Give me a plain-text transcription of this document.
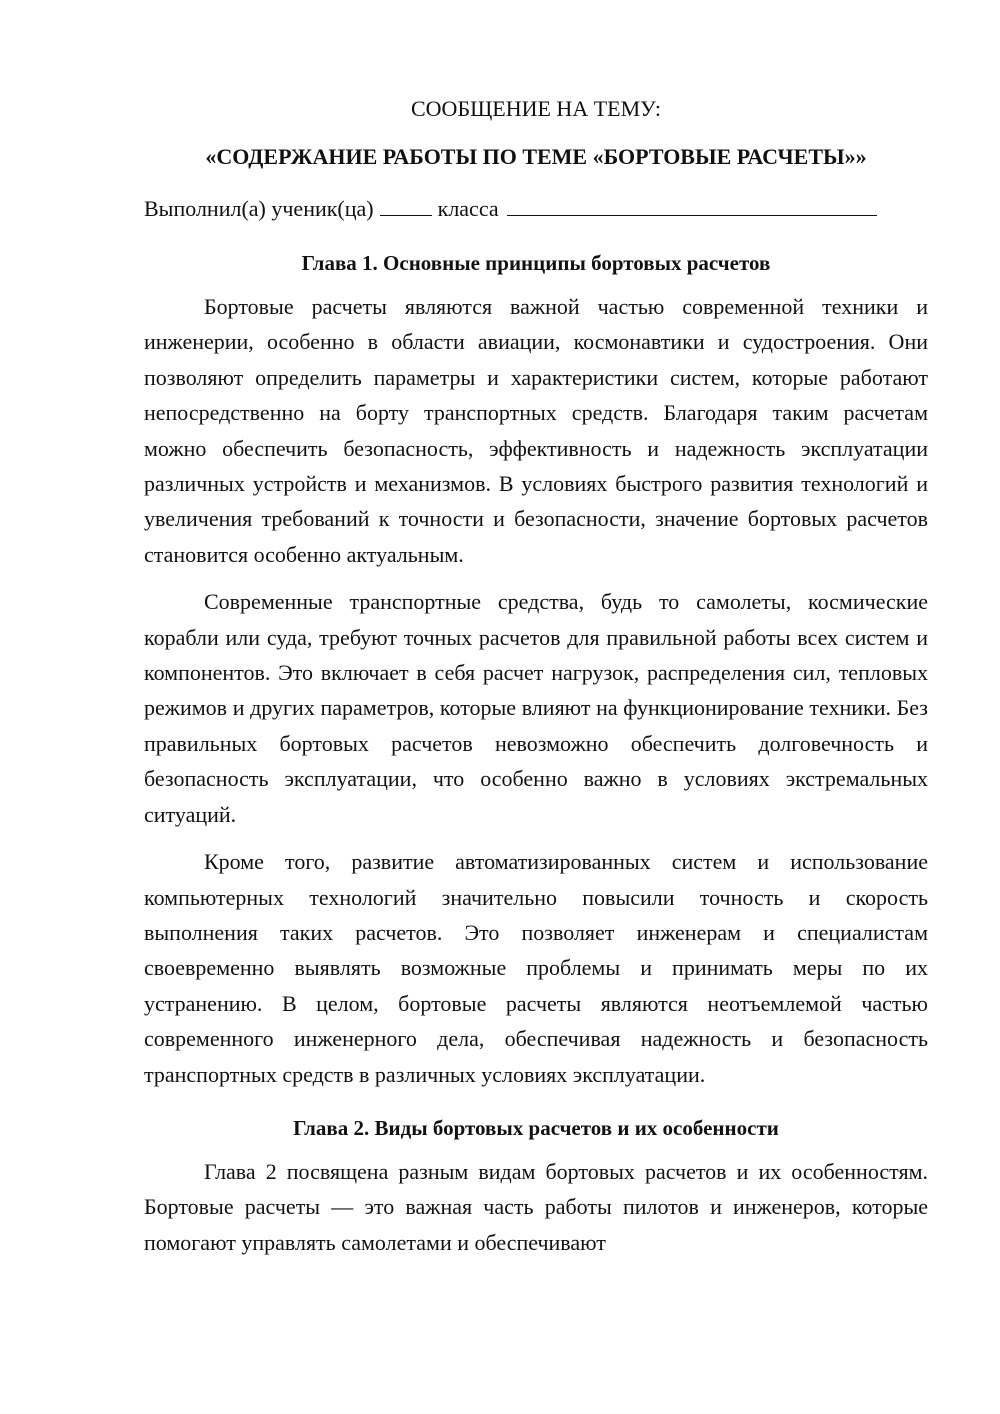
СООБЩЕНИЕ НА ТЕМУ:

«СОДЕРЖАНИЕ РАБОТЫ ПО ТЕМЕ «БОРТОВЫЕ РАСЧЕТЫ»»

Выполнил(а) ученик(ца)	класса

Глава 1. Основные принципы бортовых расчетов

Бортовые расчеты являются важной частью современной техники и инженерии, особенно в области авиации, космонавтики и судостроения. Они позволяют определить параметры и характеристики систем, которые работают непосредственно на борту транспортных средств. Благодаря таким расчетам можно обеспечить безопасность, эффективность и надежность эксплуатации различных устройств и механизмов. В условиях быстрого развития технологий и увеличения требований к точности и безопасности, значение бортовых расчетов становится особенно актуальным.

Современные транспортные средства, будь то самолеты, космические корабли или суда, требуют точных расчетов для правильной работы всех систем и компонентов. Это включает в себя расчет нагрузок, распределения сил, тепловых режимов и других параметров, которые влияют на функционирование техники. Без правильных бортовых расчетов невозможно обеспечить долговечность и безопасность эксплуатации, что особенно важно в условиях экстремальных ситуаций.

Кроме того, развитие автоматизированных систем и использование компьютерных технологий значительно повысили точность и скорость выполнения таких расчетов. Это позволяет инженерам и специалистам своевременно выявлять возможные проблемы и принимать меры по их устранению. В целом, бортовые расчеты являются неотъемлемой частью современного инженерного дела, обеспечивая надежность и безопасность транспортных средств в различных условиях эксплуатации.

Глава 2. Виды бортовых расчетов и их особенности

Глава 2 посвящена разным видам бортовых расчетов и их особенностям. Бортовые расчеты — это важная часть работы пилотов и инженеров, которые помогают управлять самолетами и обеспечивают
